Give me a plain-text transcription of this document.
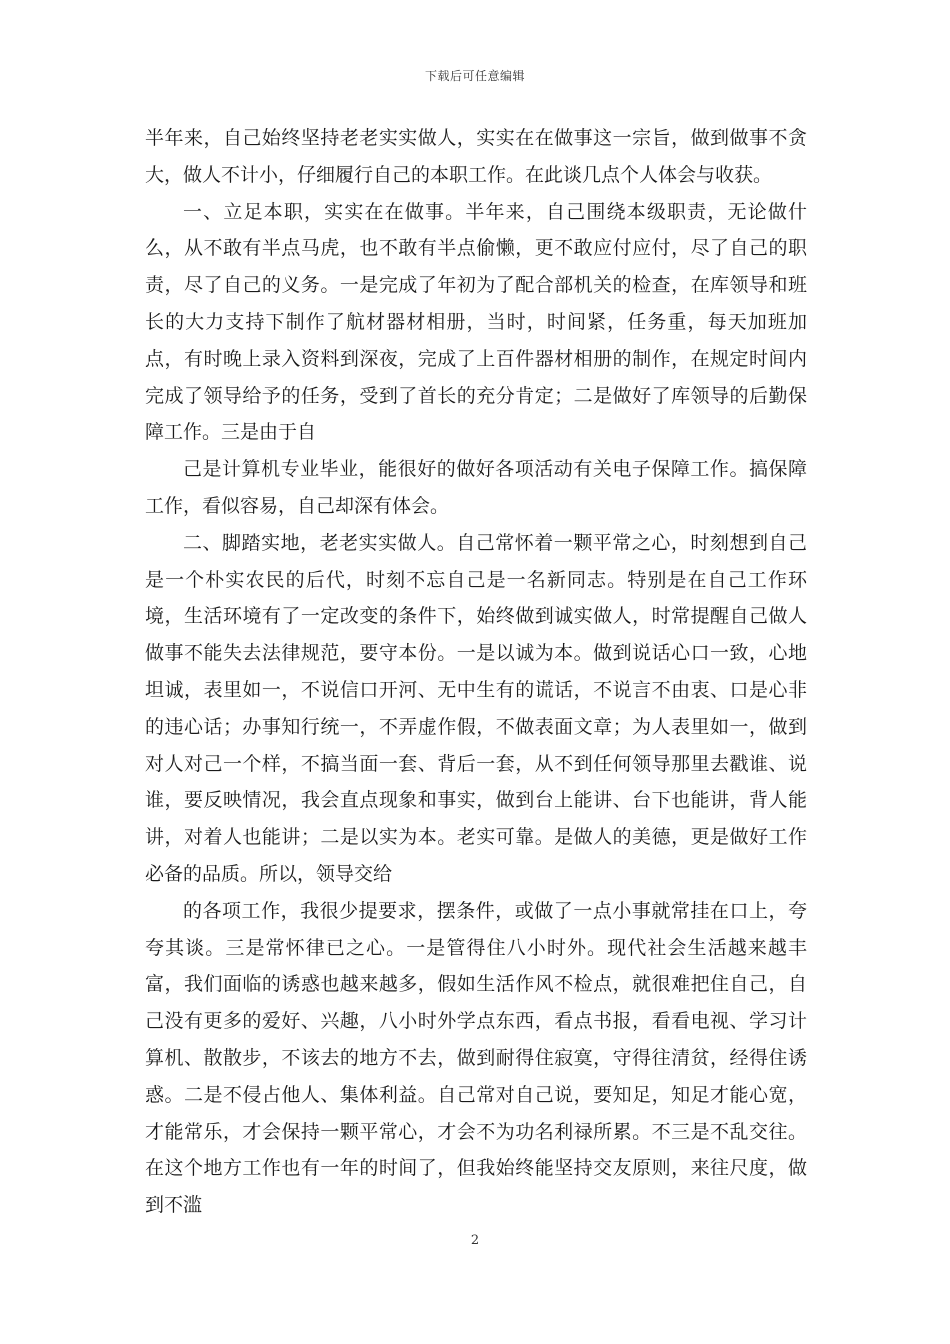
下载后可任意编辑

半年来，自己始终坚持老老实实做人，实实在在做事这一宗旨，做到做事不贪大，做人不计小，仔细履行自己的本职工作。在此谈几点个人体会与收获。

一、立足本职，实实在在做事。半年来，自己围绕本级职责，无论做什么，从不敢有半点马虎，也不敢有半点偷懒，更不敢应付应付，尽了自己的职责，尽了自己的义务。一是完成了年初为了配合部机关的检查，在库领导和班长的大力支持下制作了航材器材相册，当时，时间紧，任务重，每天加班加点，有时晚上录入资料到深夜，完成了上百件器材相册的制作，在规定时间内完成了领导给予的任务，受到了首长的充分肯定；二是做好了库领导的后勤保障工作。三是由于自

己是计算机专业毕业，能很好的做好各项活动有关电子保障工作。搞保障工作，看似容易，自己却深有体会。

二、脚踏实地，老老实实做人。自己常怀着一颗平常之心，时刻想到自己是一个朴实农民的后代，时刻不忘自己是一名新同志。特别是在自己工作环境，生活环境有了一定改变的条件下，始终做到诚实做人，时常提醒自己做人做事不能失去法律规范，要守本份。一是以诚为本。做到说话心口一致，心地坦诚，表里如一，不说信口开河、无中生有的谎话，不说言不由衷、口是心非的违心话；办事知行统一，不弄虚作假，不做表面文章；为人表里如一，做到对人对己一个样，不搞当面一套、背后一套，从不到任何领导那里去戳谁、说谁，要反映情况，我会直点现象和事实，做到台上能讲、台下也能讲，背人能讲，对着人也能讲；二是以实为本。老实可靠。是做人的美德，更是做好工作必备的品质。所以，领导交给

的各项工作，我很少提要求，摆条件，或做了一点小事就常挂在口上，夸夸其谈。三是常怀律已之心。一是管得住八小时外。现代社会生活越来越丰富，我们面临的诱惑也越来越多，假如生活作风不检点，就很难把住自己，自己没有更多的爱好、兴趣，八小时外学点东西，看点书报，看看电视、学习计算机、散散步，不该去的地方不去，做到耐得住寂寞，守得往清贫，经得住诱惑。二是不侵占他人、集体利益。自己常对自己说，要知足，知足才能心宽，才能常乐，才会保持一颗平常心，才会不为功名利禄所累。不三是不乱交往。在这个地方工作也有一年的时间了，但我始终能坚持交友原则，来往尺度，做到不滥

2
